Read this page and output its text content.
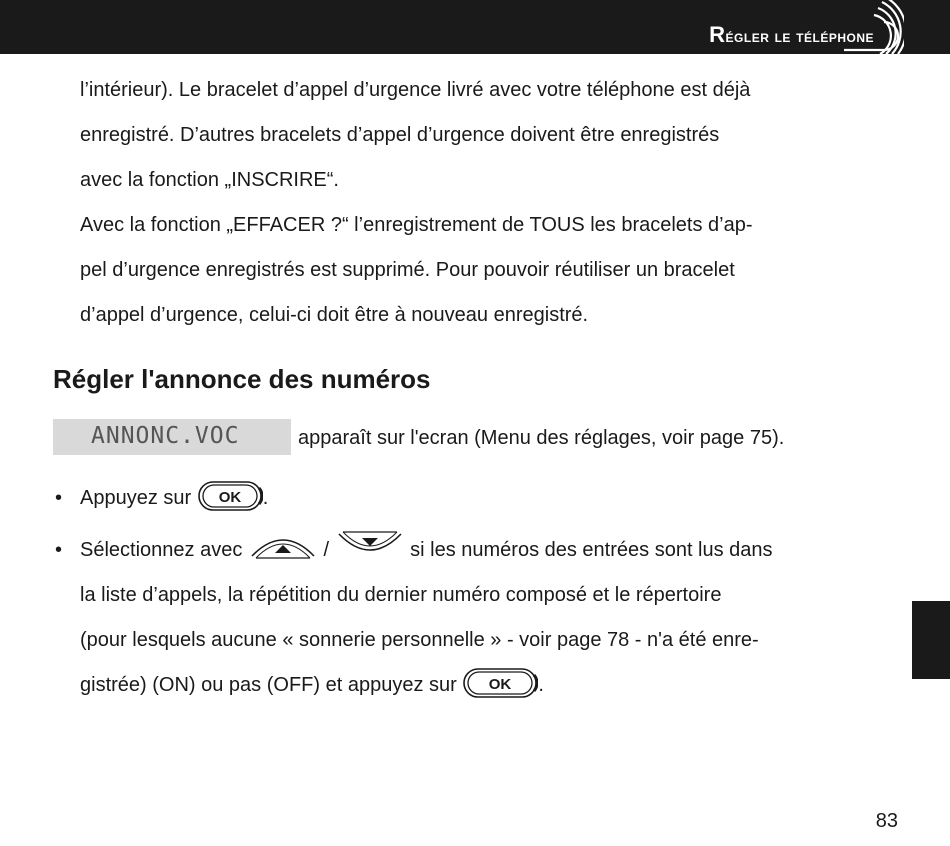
Régler le téléphone
l’intérieur). Le bracelet d’appel d’urgence livré avec votre téléphone est déjà
enregistré. D’autres bracelets d’appel d’urgence doivent être enregistrés
avec la fonction „INSCRIRE“.
Avec la fonction „EFFACER ?“ l’enregistrement de TOUS les bracelets d’ap-
pel d’urgence enregistrés est supprimé. Pour pouvoir réutiliser un bracelet
d’appel d’urgence, celui-ci doit être à nouveau enregistré.
Régler l'annonce des numéros
ANNONC.VOC	apparaît sur l'ecran (Menu des réglages, voir page 75).
• Appuyez sur OK .
• Sélectionnez avec	/	si les numéros des entrées sont lus dans
la liste d’appels, la répétition du dernier numéro composé et le répertoire
(pour lesquels aucune « sonnerie personnelle » - voir page 78 - n'a été enre-
gistrée) (ON) ou pas (OFF) et appuyez sur OK .
83
